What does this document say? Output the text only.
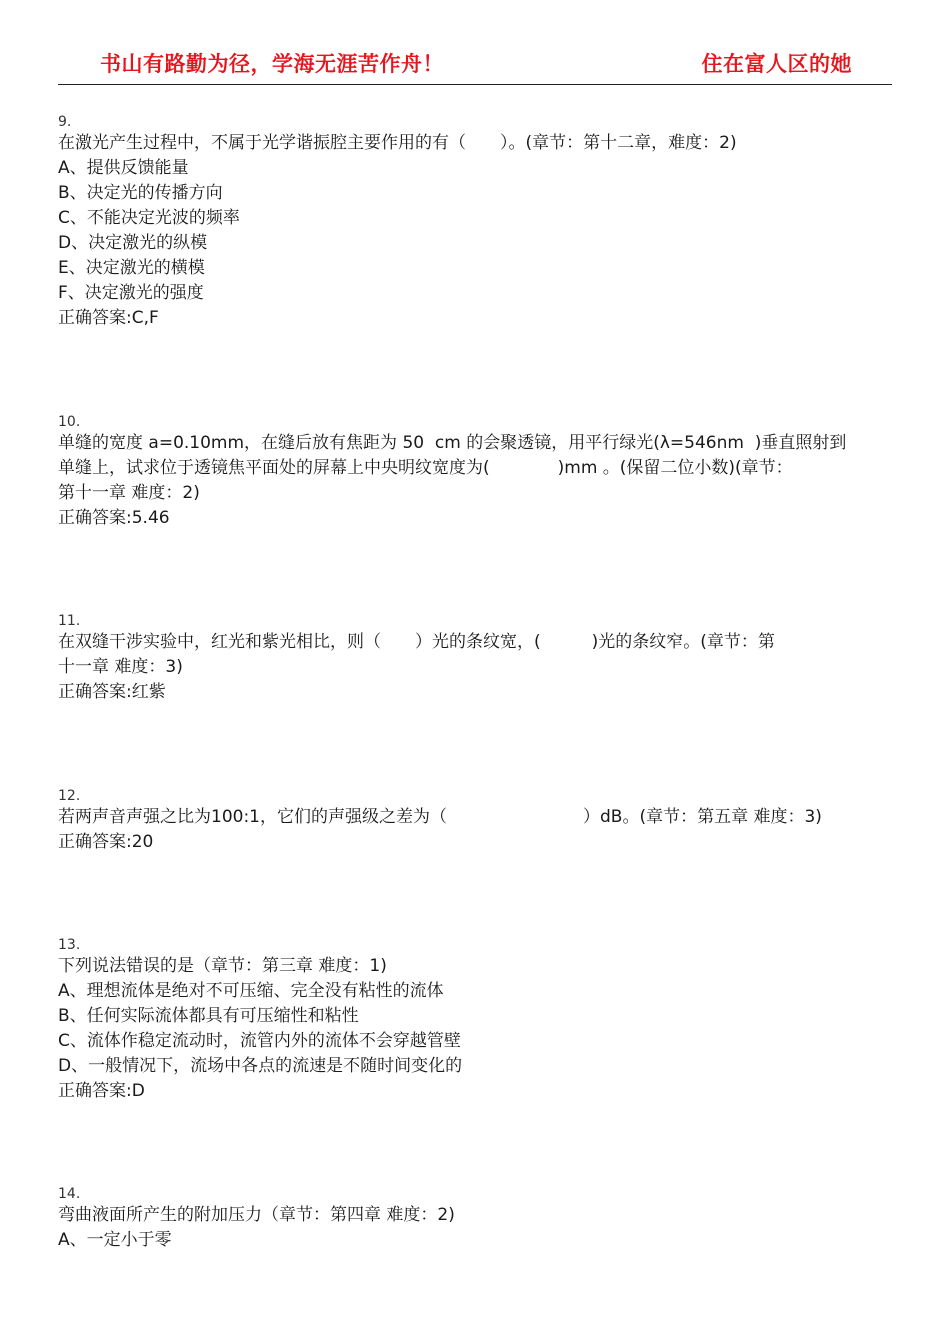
书山有路勤为径，学海无涯苦作舟！	住在富人区的她
9.
在激光产生过程中，不属于光学谐振腔主要作用的有（　　）。(章节：第十二章，难度：2)
A、提供反馈能量
B、决定光的传播方向
C、不能决定光波的频率
D、决定激光的纵模
E、决定激光的横模
F、决定激光的强度
正确答案:C,F
10.
单缝的宽度 a=0.10mm，在缝后放有焦距为 50  cm 的会聚透镜，用平行绿光(λ=546nm  )垂直照射到
单缝上，试求位于透镜焦平面处的屏幕上中央明纹宽度为(　　　　)mm 。(保留二位小数)(章节：
第十一章 难度：2)
正确答案:5.46
11.
在双缝干涉实验中，红光和紫光相比，则（　　）光的条纹宽，(　　　)光的条纹窄。(章节：第
十一章 难度：3)
正确答案:红紫
12.
若两声音声强之比为100:1，它们的声强级之差为（　　　　　　　　）dB。(章节：第五章 难度：3)
正确答案:20
13.
下列说法错误的是（章节：第三章 难度：1)
A、理想流体是绝对不可压缩、完全没有粘性的流体
B、任何实际流体都具有可压缩性和粘性
C、流体作稳定流动时，流管内外的流体不会穿越管壁
D、一般情况下，流场中各点的流速是不随时间变化的
正确答案:D
14.
弯曲液面所产生的附加压力（章节：第四章 难度：2)
A、一定小于零
